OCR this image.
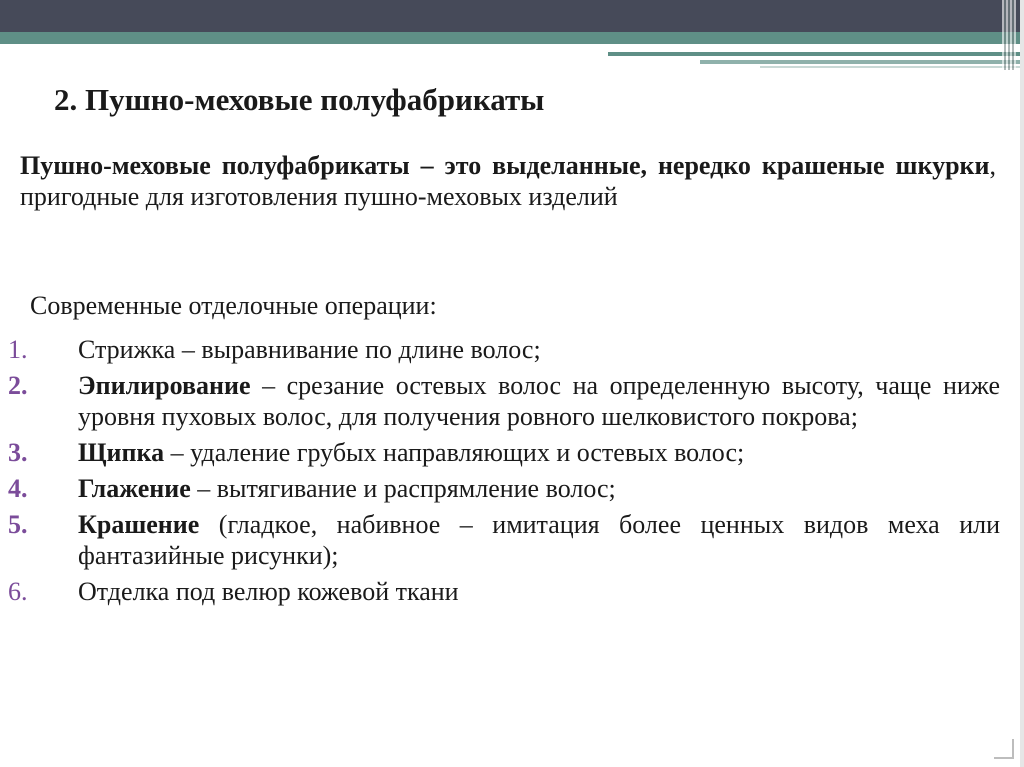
2. Пушно-меховые полуфабрикаты
Пушно-меховые полуфабрикаты – это выделанные, нередко крашеные шкурки, пригодные для изготовления пушно-меховых изделий
Современные отделочные операции:
1. Стрижка – выравнивание по длине волос;
2. Эпилирование – срезание остевых волос на определенную высоту, чаще ниже уровня пуховых волос, для получения ровного шелковистого покрова;
3. Щипка – удаление грубых направляющих и остевых волос;
4. Глажение – вытягивание и распрямление волос;
5. Крашение (гладкое, набивное – имитация более ценных видов меха или фантазийные рисунки);
6. Отделка под велюр кожевой ткани
